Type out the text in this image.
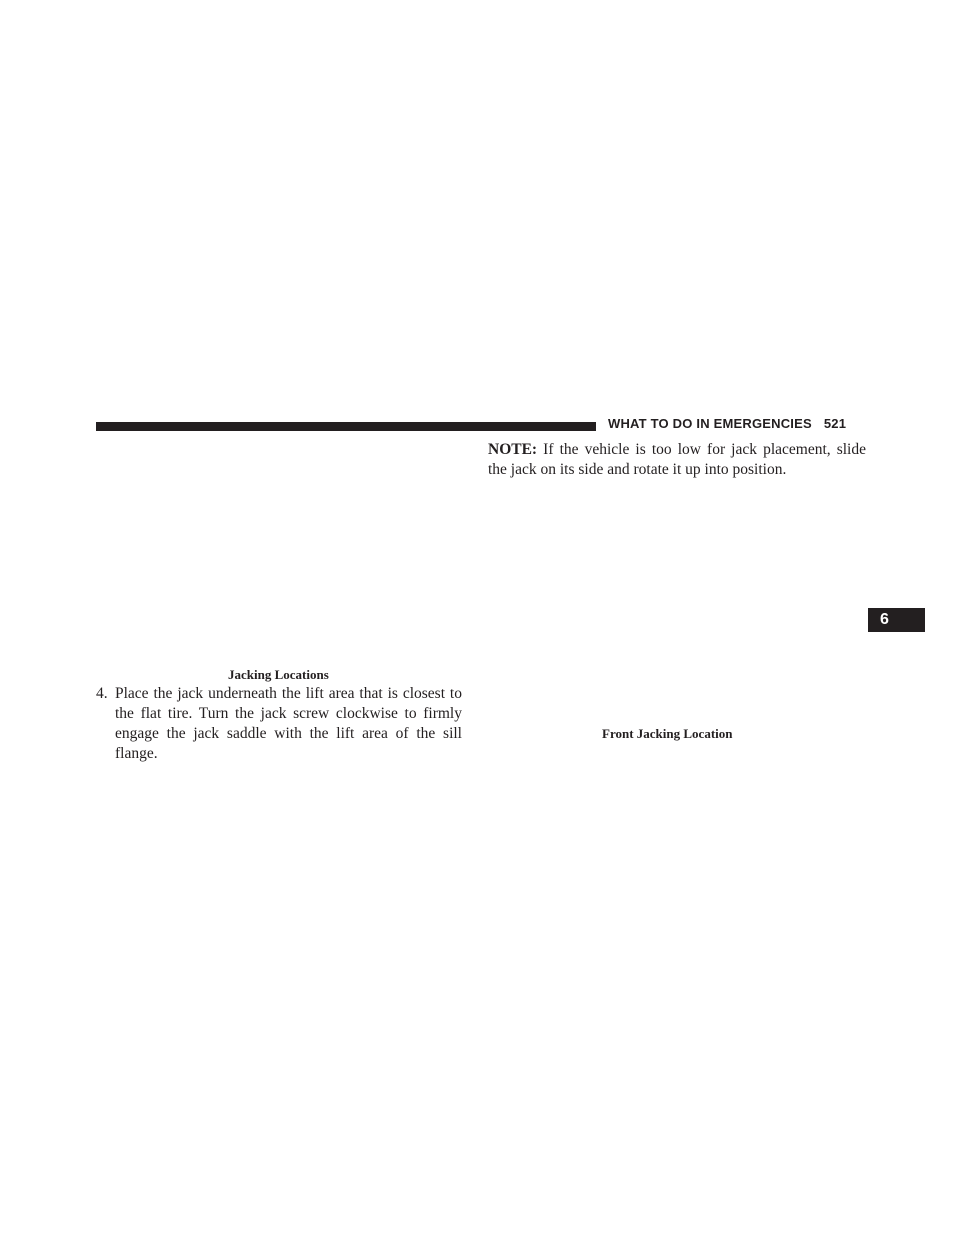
WHAT TO DO IN EMERGENCIES 521
Jacking Locations
4. Place the jack underneath the lift area that is closest to the flat tire. Turn the jack screw clockwise to firmly engage the jack saddle with the lift area of the sill flange.
NOTE: If the vehicle is too low for jack placement, slide the jack on its side and rotate it up into position.
Front Jacking Location
6
